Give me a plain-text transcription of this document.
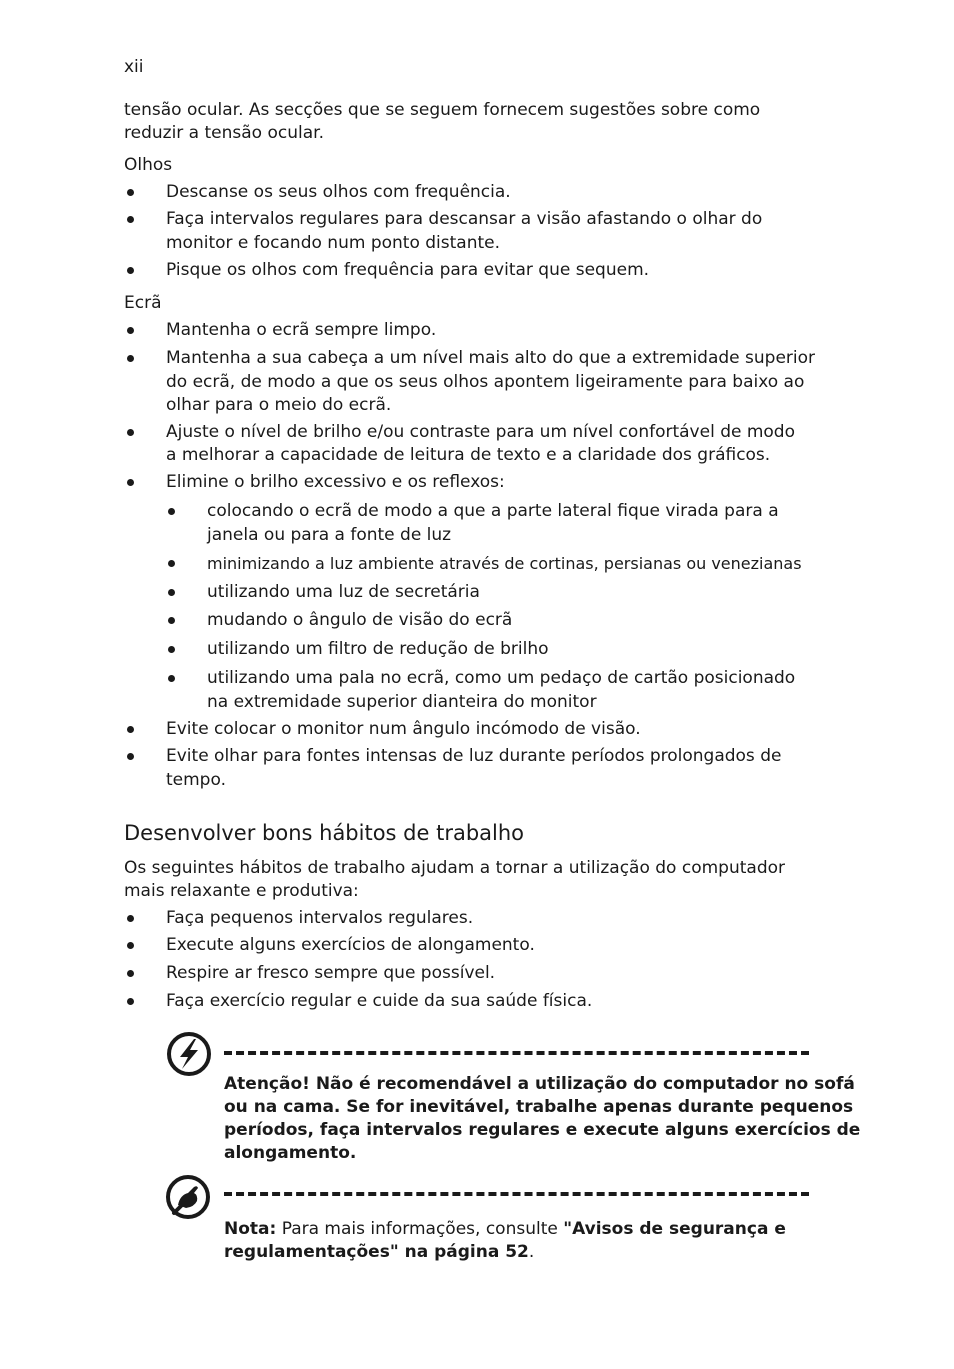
xii
tensão ocular. As secções que se seguem fornecem sugestões sobre como
reduzir a tensão ocular.
Olhos
Descanse os seus olhos com frequência.
Faça intervalos regulares para descansar a visão afastando o olhar do
monitor e focando num ponto distante.
Pisque os olhos com frequência para evitar que sequem.
Ecrã
Mantenha o ecrã sempre limpo.
Mantenha a sua cabeça a um nível mais alto do que a extremidade superior
do ecrã, de modo a que os seus olhos apontem ligeiramente para baixo ao
olhar para o meio do ecrã.
Ajuste o nível de brilho e/ou contraste para um nível confortável de modo
a melhorar a capacidade de leitura de texto e a claridade dos gráficos.
Elimine o brilho excessivo e os reflexos:
colocando o ecrã de modo a que a parte lateral fique virada para a
janela ou para a fonte de luz
minimizando a luz ambiente através de cortinas, persianas ou venezianas
utilizando uma luz de secretária
mudando o ângulo de visão do ecrã
utilizando um filtro de redução de brilho
utilizando uma pala no ecrã, como um pedaço de cartão posicionado
na extremidade superior dianteira do monitor
Evite colocar o monitor num ângulo incómodo de visão.
Evite olhar para fontes intensas de luz durante períodos prolongados de
tempo.
Desenvolver bons hábitos de trabalho
Os seguintes hábitos de trabalho ajudam a tornar a utilização do computador
mais relaxante e produtiva:
Faça pequenos intervalos regulares.
Execute alguns exercícios de alongamento.
Respire ar fresco sempre que possível.
Faça exercício regular e cuide da sua saúde física.
Atenção! Não é recomendável a utilização do computador no sofá
ou na cama. Se for inevitável, trabalhe apenas durante pequenos
períodos, faça intervalos regulares e execute alguns exercícios de
alongamento.
Nota: Para mais informações, consulte "Avisos de segurança e
regulamentações" na página 52.
